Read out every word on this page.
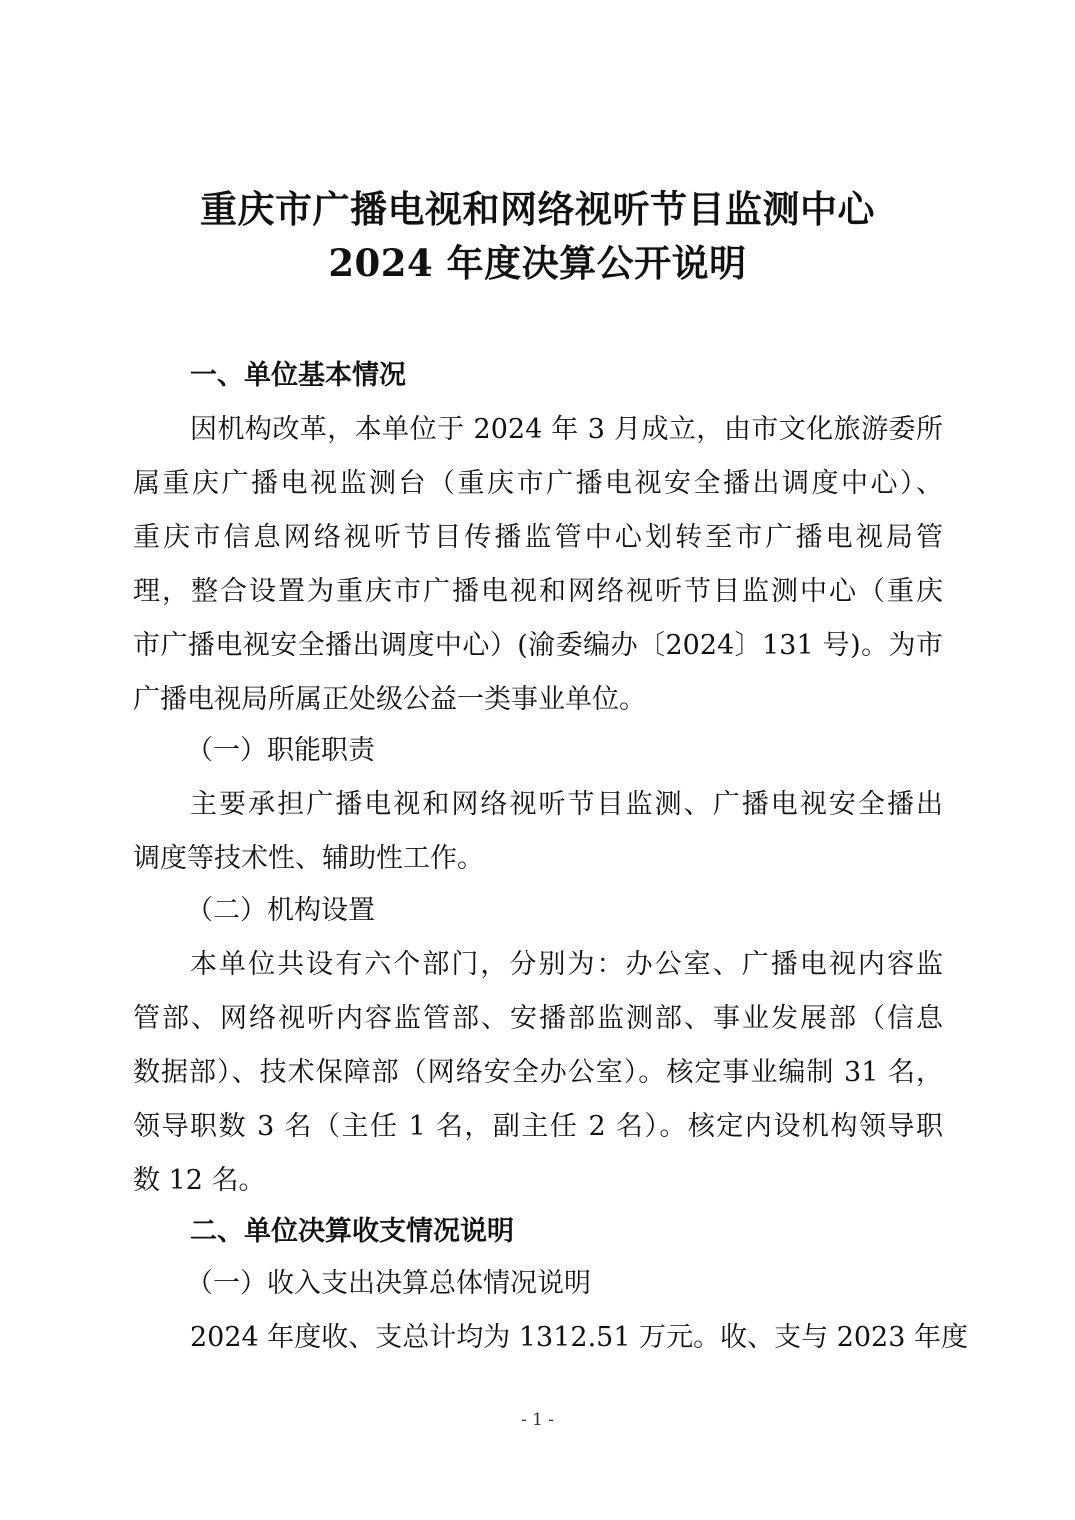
重庆市广播电视和网络视听节目监测中心
2024 年度决算公开说明
一、单位基本情况
因机构改革，本单位于 2024 年 3 月成立，由市文化旅游委所
属重庆广播电视监测台（重庆市广播电视安全播出调度中心）、
重庆市信息网络视听节目传播监管中心划转至市广播电视局管
理，整合设置为重庆市广播电视和网络视听节目监测中心（重庆
市广播电视安全播出调度中心）(渝委编办〔2024〕131 号)。为市
广播电视局所属正处级公益一类事业单位。
（一）职能职责
主要承担广播电视和网络视听节目监测、广播电视安全播出
调度等技术性、辅助性工作。
（二）机构设置
本单位共设有六个部门，分别为：办公室、广播电视内容监
管部、网络视听内容监管部、安播部监测部、事业发展部（信息
数据部）、技术保障部（网络安全办公室）。核定事业编制 31 名，
领导职数 3 名（主任 1 名，副主任 2 名）。核定内设机构领导职
数 12 名。
二、单位决算收支情况说明
（一）收入支出决算总体情况说明
2024 年度收、支总计均为 1312.51 万元。收、支与 2023 年度
- 1 -
